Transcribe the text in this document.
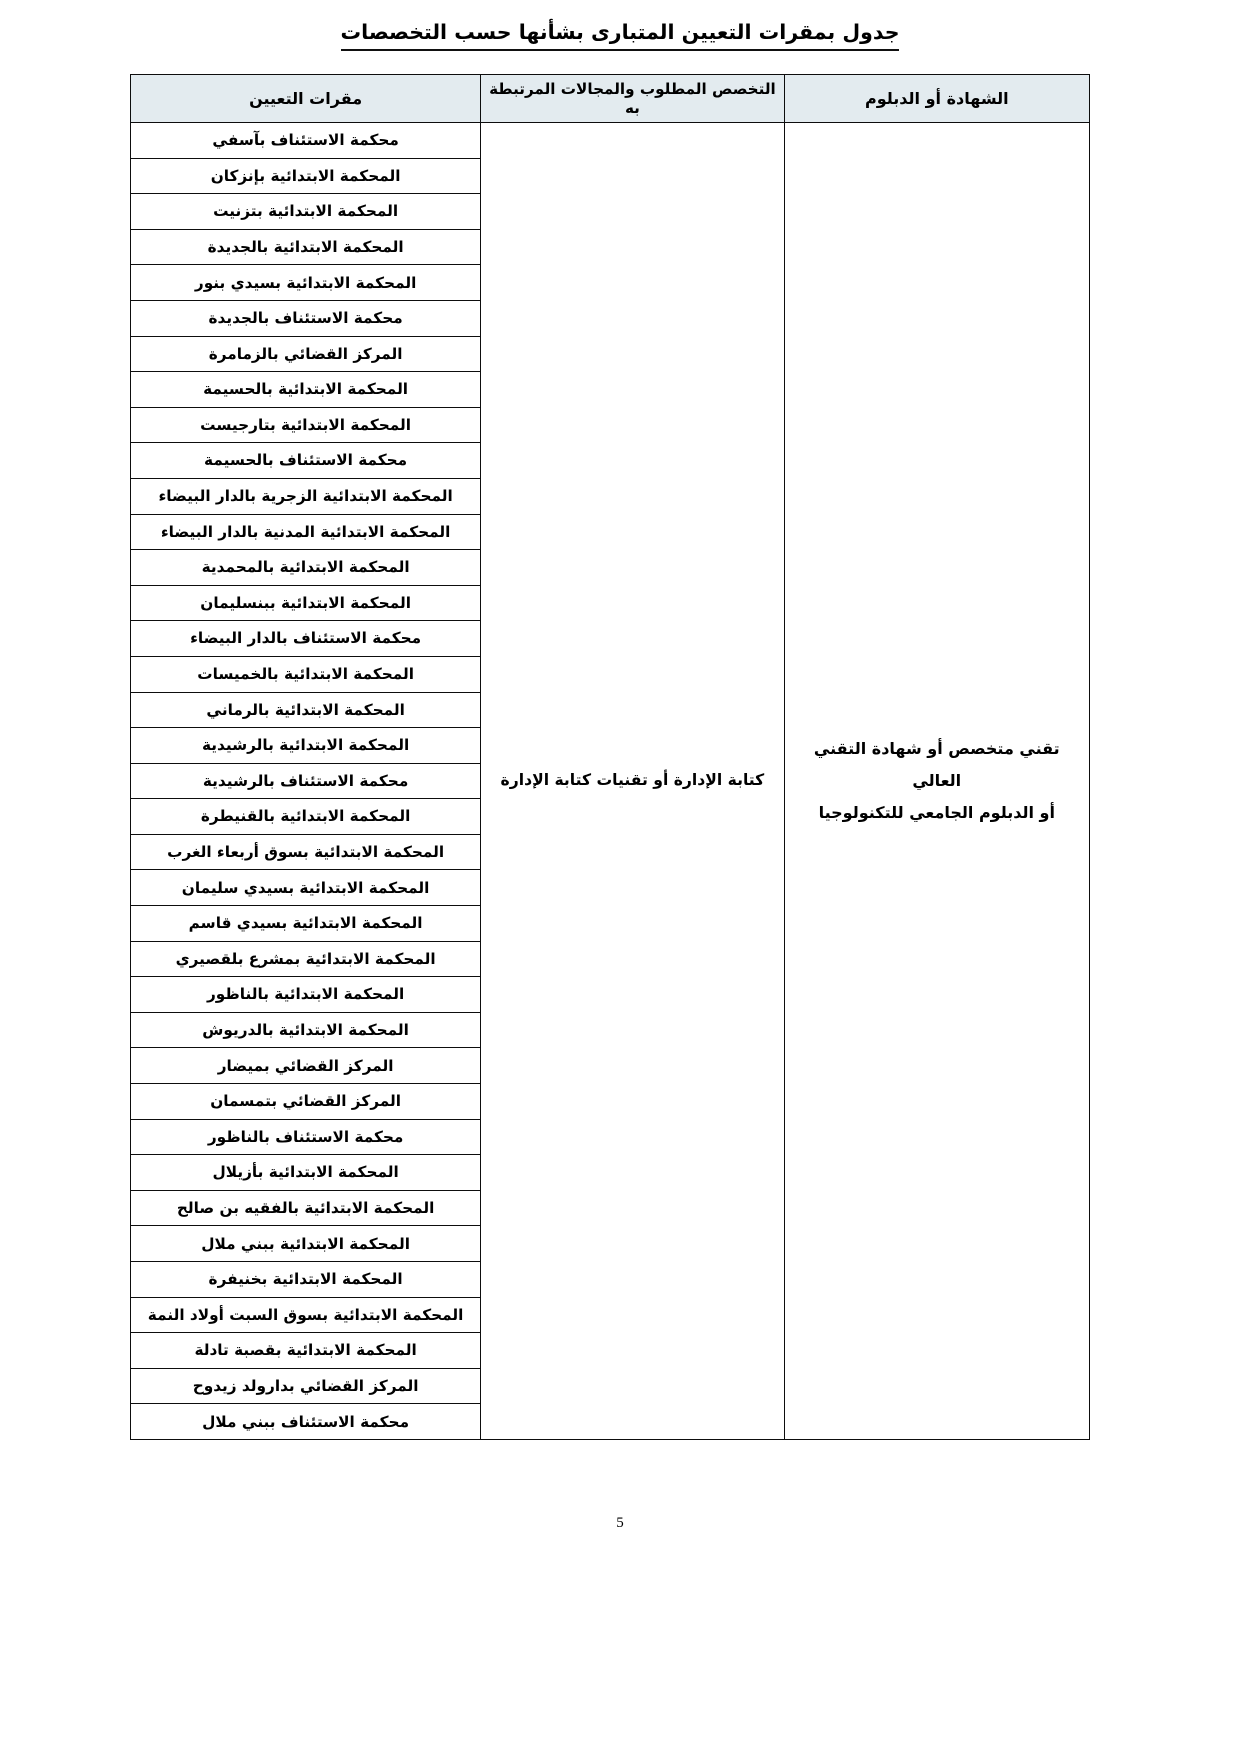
جدول بمقرات التعيين المتبارى بشأنها حسب التخصصات
الشهادة أو الدبلوم	التخصص المطلوب والمجالات المرتبطة به	مقرات التعيين

تقني متخصص أو شهادة التقني العالي
أو الدبلوم الجامعي للتكنولوجيا	كتابة الإدارة أو تقنيات كتابة الإدارة	محكمة الاستئناف بآسفي
		المحكمة الابتدائية بإنزكان
		المحكمة الابتدائية بتزنيت
		المحكمة الابتدائية بالجديدة
		المحكمة الابتدائية بسيدي بنور
		محكمة الاستئناف بالجديدة
		المركز القضائي بالزمامرة
		المحكمة الابتدائية بالحسيمة
		المحكمة الابتدائية بتارجيست
		محكمة الاستئناف بالحسيمة
		المحكمة الابتدائية الزجرية بالدار البيضاء
		المحكمة الابتدائية المدنية بالدار البيضاء
		المحكمة الابتدائية بالمحمدية
		المحكمة الابتدائية ببنسليمان
		محكمة الاستئناف بالدار البيضاء
		المحكمة الابتدائية بالخميسات
		المحكمة الابتدائية بالرماني
		المحكمة الابتدائية بالرشيدية
		محكمة الاستئناف بالرشيدية
		المحكمة الابتدائية بالقنيطرة
		المحكمة الابتدائية بسوق أربعاء الغرب
		المحكمة الابتدائية بسيدي سليمان
		المحكمة الابتدائية بسيدي قاسم
		المحكمة الابتدائية بمشرع بلقصيري
		المحكمة الابتدائية بالناظور
		المحكمة الابتدائية بالدريوش
		المركز القضائي بميضار
		المركز القضائي بتمسمان
		محكمة الاستئناف بالناظور
		المحكمة الابتدائية بأزيلال
		المحكمة الابتدائية بالفقيه بن صالح
		المحكمة الابتدائية ببني ملال
		المحكمة الابتدائية بخنيفرة
		المحكمة الابتدائية بسوق السبت أولاد النمة
		المحكمة الابتدائية بقصبة تادلة
		المركز القضائي بدارولد زيدوح
		محكمة الاستئناف ببني ملال
5
